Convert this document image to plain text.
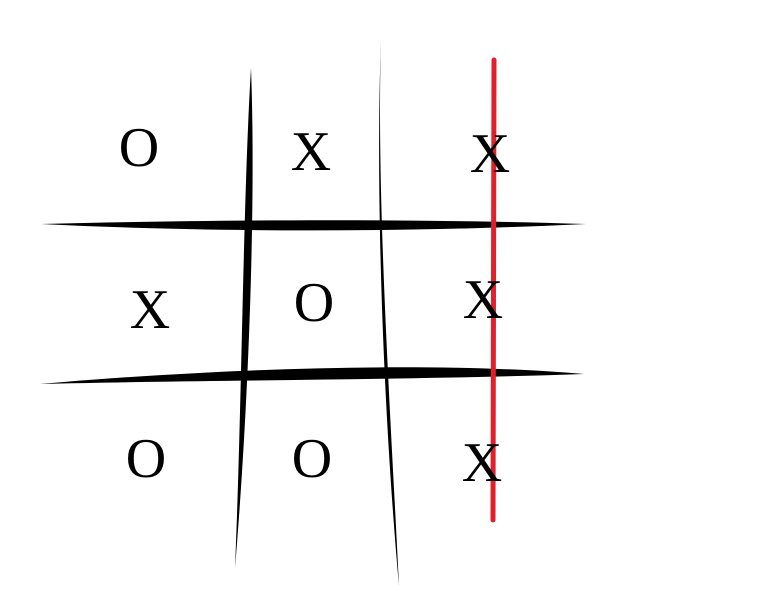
O	X	X
X	O	X
O	O	X
